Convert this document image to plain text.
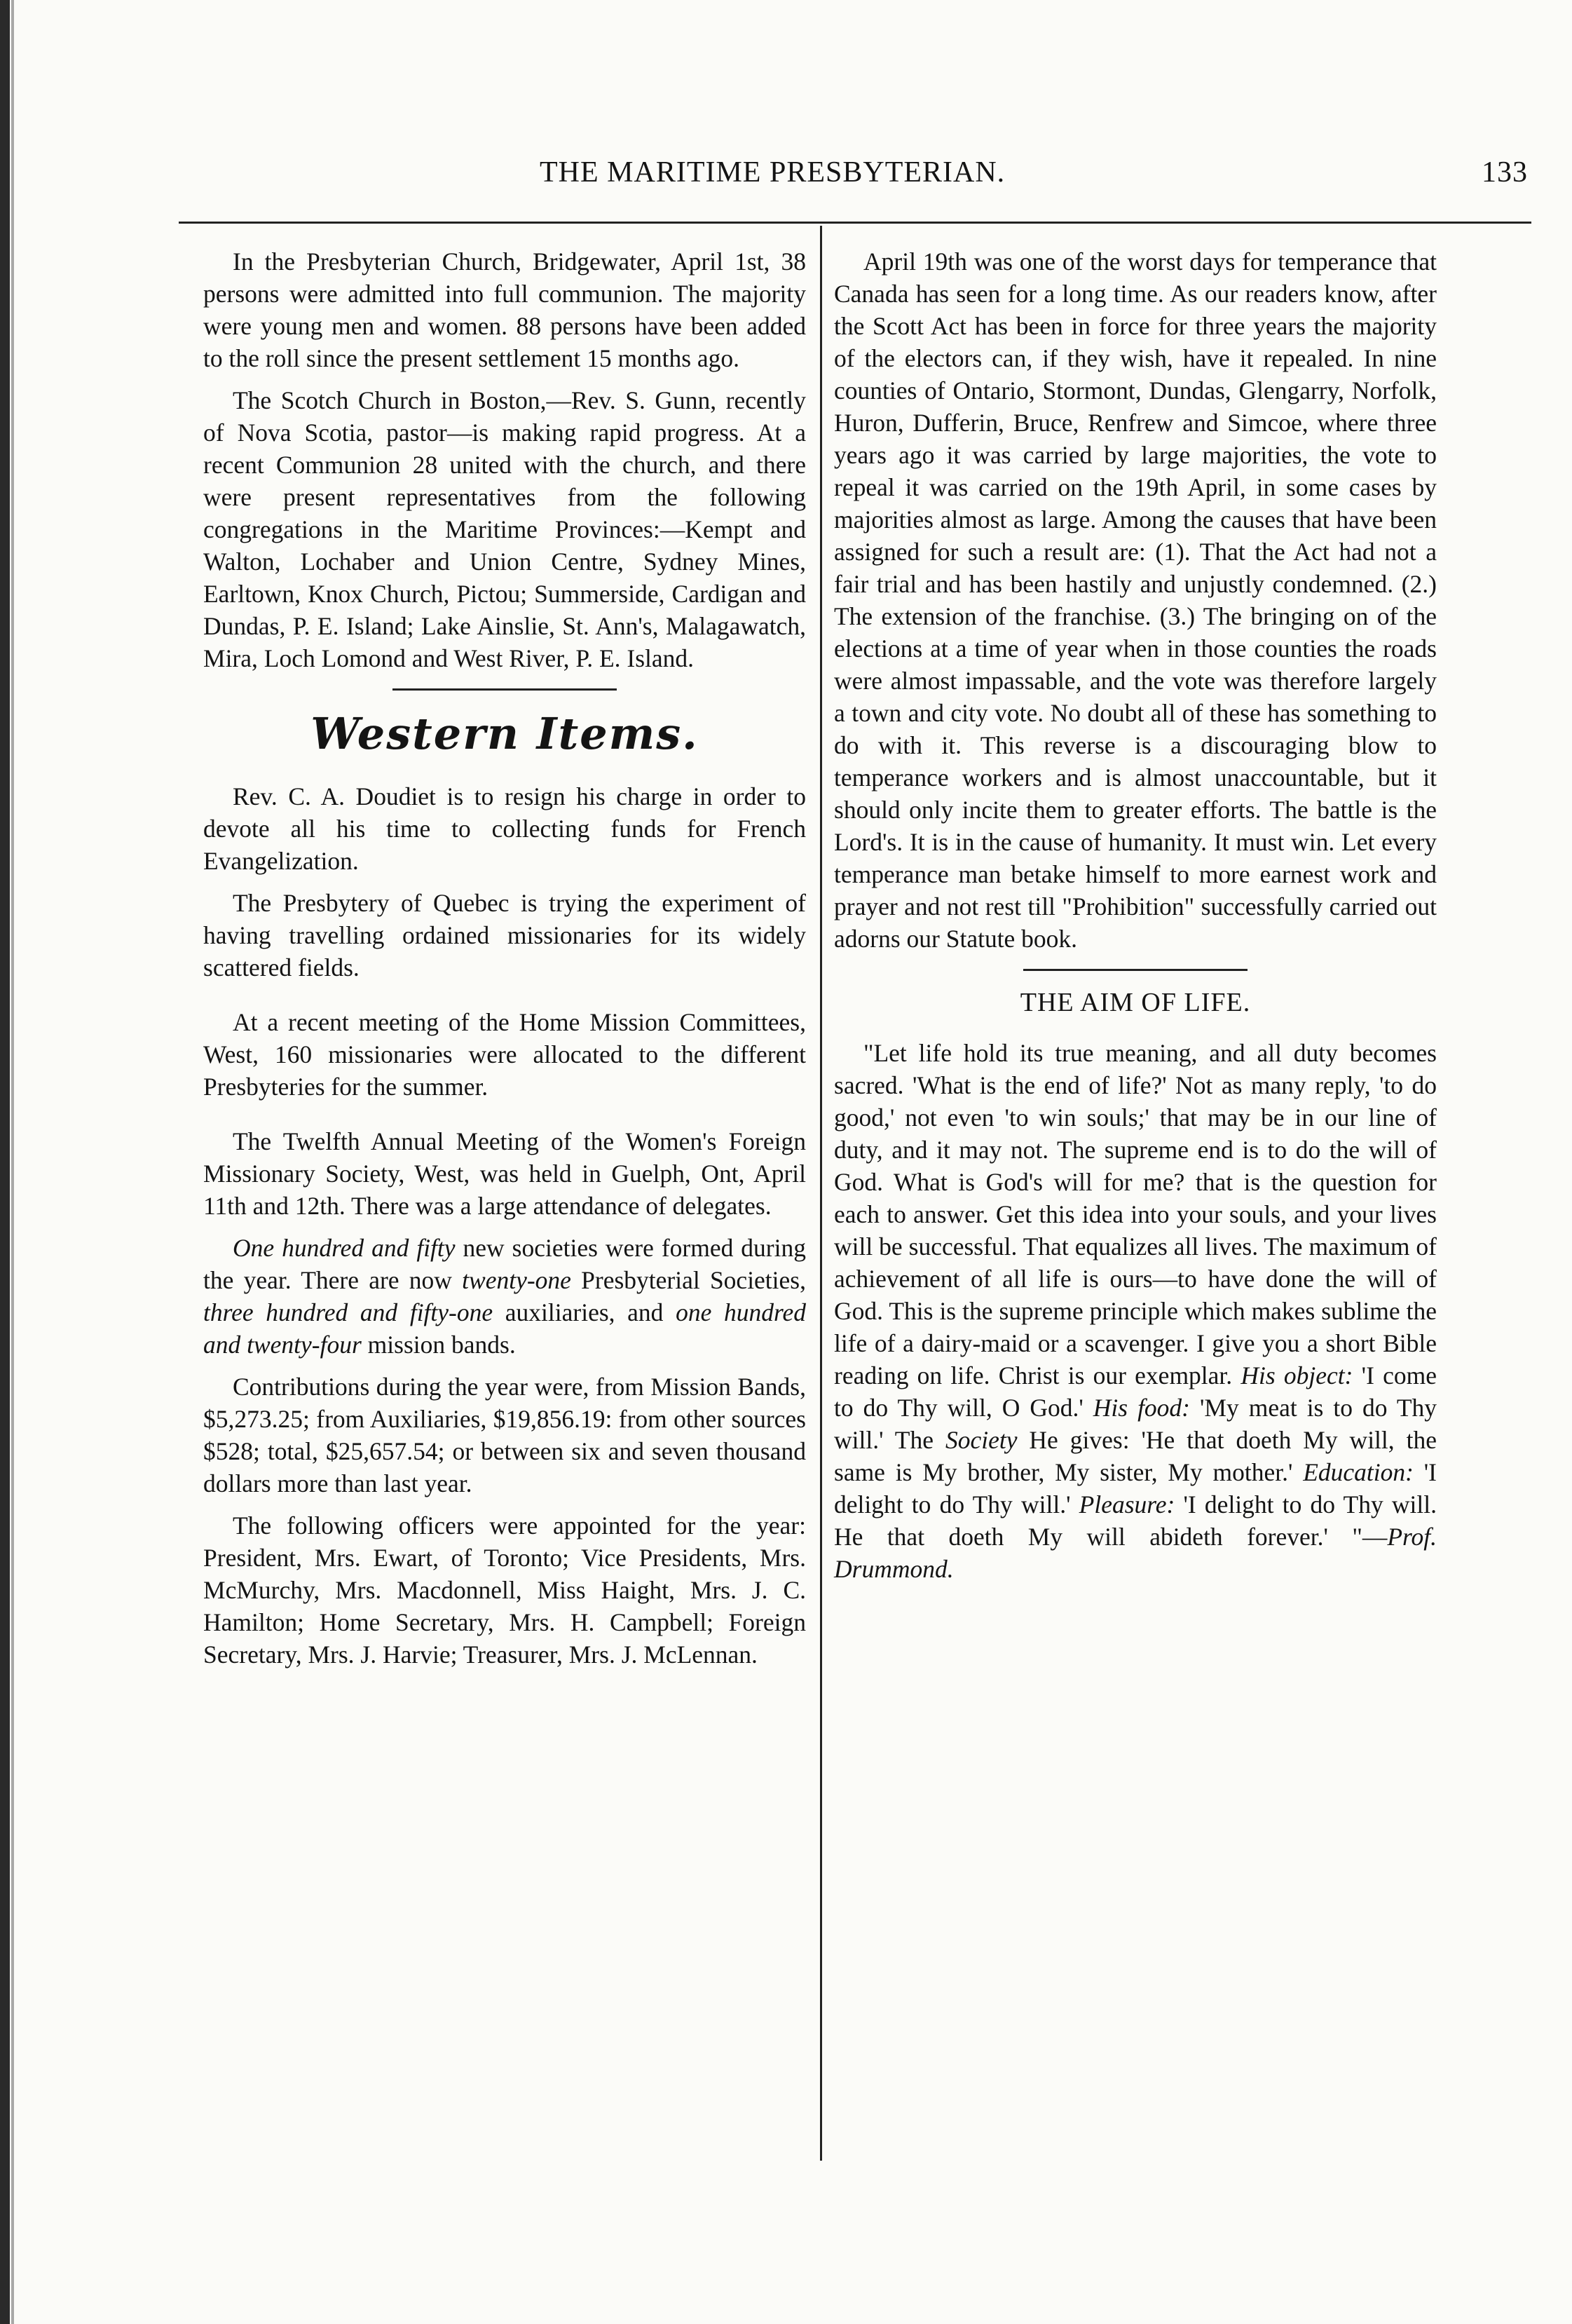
THE MARITIME PRESBYTERIAN.	133

In the Presbyterian Church, Bridgewater, April 1st, 38 persons were admitted into full communion. The majority were young men and women. 88 persons have been added to the roll since the present settlement 15 months ago.

The Scotch Church in Boston,—Rev. S. Gunn, recently of Nova Scotia, pastor—is making rapid progress. At a recent Communion 28 united with the church, and there were present representatives from the following congregations in the Maritime Provinces:—Kempt and Walton, Lochaber and Union Centre, Sydney Mines, Earltown, Knox Church, Pictou; Summerside, Cardigan and Dundas, P. E. Island; Lake Ainslie, St. Ann's, Malagawatch, Mira, Loch Lomond and West River, P. E. Island.

Western Items.

Rev. C. A. Doudiet is to resign his charge in order to devote all his time to collecting funds for French Evangelization.

The Presbytery of Quebec is trying the experiment of having travelling ordained missionaries for its widely scattered fields.

At a recent meeting of the Home Mission Committees, West, 160 missionaries were allocated to the different Presbyteries for the summer.

The Twelfth Annual Meeting of the Women's Foreign Missionary Society, West, was held in Guelph, Ont, April 11th and 12th. There was a large attendance of delegates.

One hundred and fifty new societies were formed during the year. There are now twenty-one Presbyterial Societies, three hundred and fifty-one auxiliaries, and one hundred and twenty-four mission bands.

Contributions during the year were, from Mission Bands, $5,273.25; from Auxiliaries, $19,856.19: from other sources $528; total, $25,657.54; or between six and seven thousand dollars more than last year.

The following officers were appointed for the year: President, Mrs. Ewart, of Toronto; Vice Presidents, Mrs. McMurchy, Mrs. Macdonnell, Miss Haight, Mrs. J. C. Hamilton; Home Secretary, Mrs. H. Campbell; Foreign Secretary, Mrs. J. Harvie; Treasurer, Mrs. J. McLennan.

April 19th was one of the worst days for temperance that Canada has seen for a long time. As our readers know, after the Scott Act has been in force for three years the majority of the electors can, if they wish, have it repealed. In nine counties of Ontario, Stormont, Dundas, Glengarry, Norfolk, Huron, Dufferin, Bruce, Renfrew and Simcoe, where three years ago it was carried by large majorities, the vote to repeal it was carried on the 19th April, in some cases by majorities almost as large. Among the causes that have been assigned for such a result are: (1). That the Act had not a fair trial and has been hastily and unjustly condemned. (2.) The extension of the franchise. (3.) The bringing on of the elections at a time of year when in those counties the roads were almost impassable, and the vote was therefore largely a town and city vote. No doubt all of these has something to do with it. This reverse is a discouraging blow to temperance workers and is almost unaccountable, but it should only incite them to greater efforts. The battle is the Lord's. It is in the cause of humanity. It must win. Let every temperance man betake himself to more earnest work and prayer and not rest till "Prohibition" successfully carried out adorns our Statute book.

THE AIM OF LIFE.

"Let life hold its true meaning, and all duty becomes sacred. 'What is the end of life?' Not as many reply, 'to do good,' not even 'to win souls;' that may be in our line of duty, and it may not. The supreme end is to do the will of God. What is God's will for me? that is the question for each to answer. Get this idea into your souls, and your lives will be successful. That equalizes all lives. The maximum of achievement of all life is ours—to have done the will of God. This is the supreme principle which makes sublime the life of a dairy-maid or a scavenger. I give you a short Bible reading on life. Christ is our exemplar. His object: 'I come to do Thy will, O God.' His food: 'My meat is to do Thy will.' The Society He gives: 'He that doeth My will, the same is My brother, My sister, My mother.' Education: 'I delight to do Thy will.' Pleasure: 'I delight to do Thy will. He that doeth My will abideth forever.' "—Prof. Drummond.
